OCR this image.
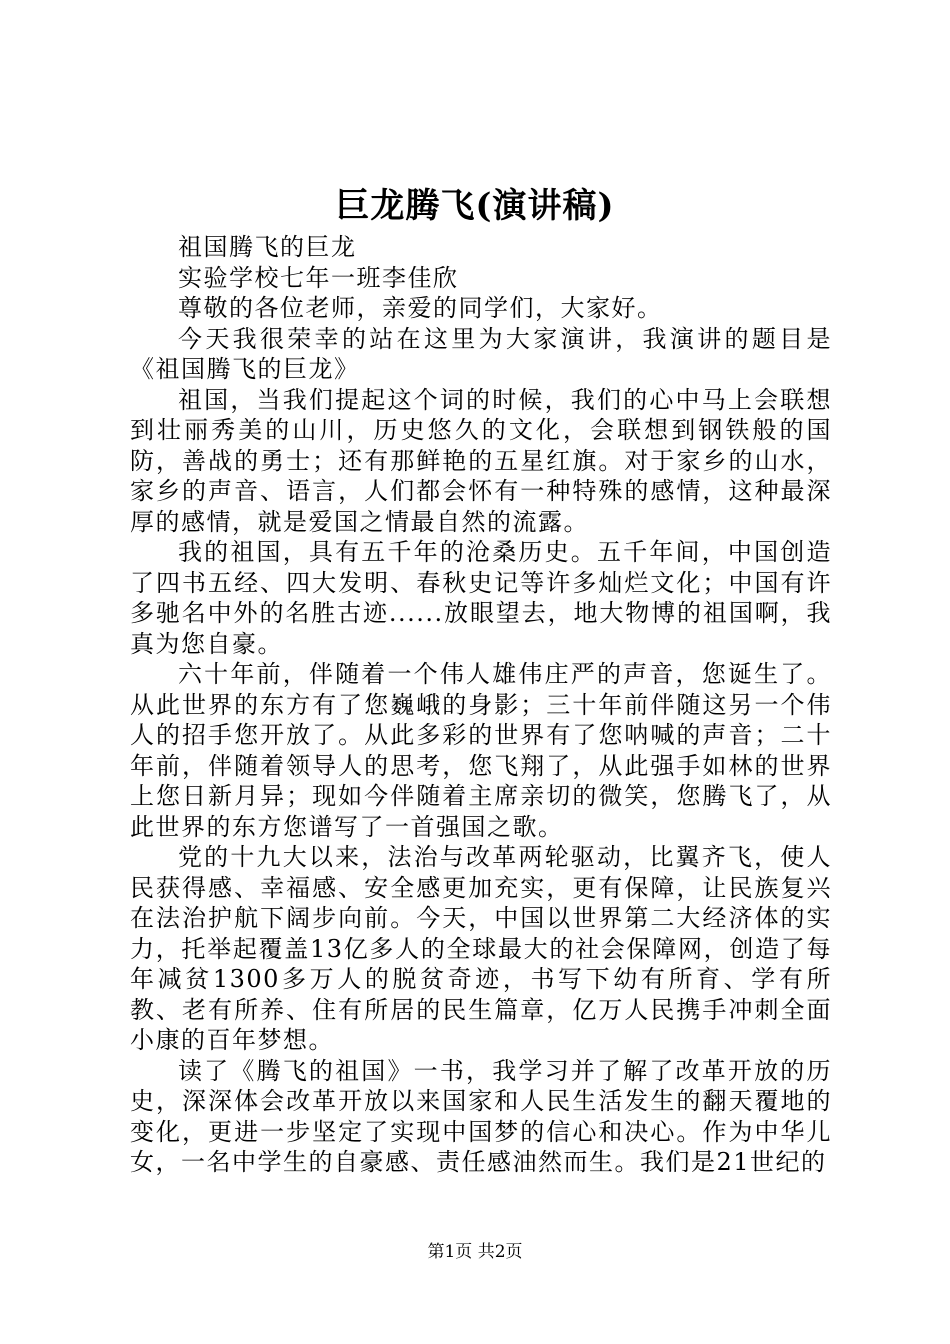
巨龙腾飞(演讲稿)

祖国腾飞的巨龙

实验学校七年一班李佳欣

尊敬的各位老师，亲爱的同学们，大家好。

今天我很荣幸的站在这里为大家演讲，我演讲的题目是《祖国腾飞的巨龙》

祖国，当我们提起这个词的时候，我们的心中马上会联想到壮丽秀美的山川，历史悠久的文化，会联想到钢铁般的国防，善战的勇士；还有那鲜艳的五星红旗。对于家乡的山水，家乡的声音、语言，人们都会怀有一种特殊的感情，这种最深厚的感情，就是爱国之情最自然的流露。

我的祖国，具有五千年的沧桑历史。五千年间，中国创造了四书五经、四大发明、春秋史记等许多灿烂文化；中国有许多驰名中外的名胜古迹......放眼望去，地大物博的祖国啊，我真为您自豪。

六十年前，伴随着一个伟人雄伟庄严的声音，您诞生了。从此世界的东方有了您巍峨的身影；三十年前伴随这另一个伟人的招手您开放了。从此多彩的世界有了您呐喊的声音；二十年前，伴随着领导人的思考，您飞翔了，从此强手如林的世界上您日新月异；现如今伴随着主席亲切的微笑，您腾飞了，从此世界的东方您谱写了一首强国之歌。

党的十九大以来，法治与改革两轮驱动，比翼齐飞，使人民获得感、幸福感、安全感更加充实，更有保障，让民族复兴在法治护航下阔步向前。今天，中国以世界第二大经济体的实力，托举起覆盖13亿多人的全球最大的社会保障网，创造了每年减贫1300多万人的脱贫奇迹，书写下幼有所育、学有所教、老有所养、住有所居的民生篇章，亿万人民携手冲刺全面小康的百年梦想。

读了《腾飞的祖国》一书，我学习并了解了改革开放的历史，深深体会改革开放以来国家和人民生活发生的翻天覆地的变化，更进一步坚定了实现中国梦的信心和决心。作为中华儿女，一名中学生的自豪感、责任感油然而生。我们是21世纪的

第1页 共2页
